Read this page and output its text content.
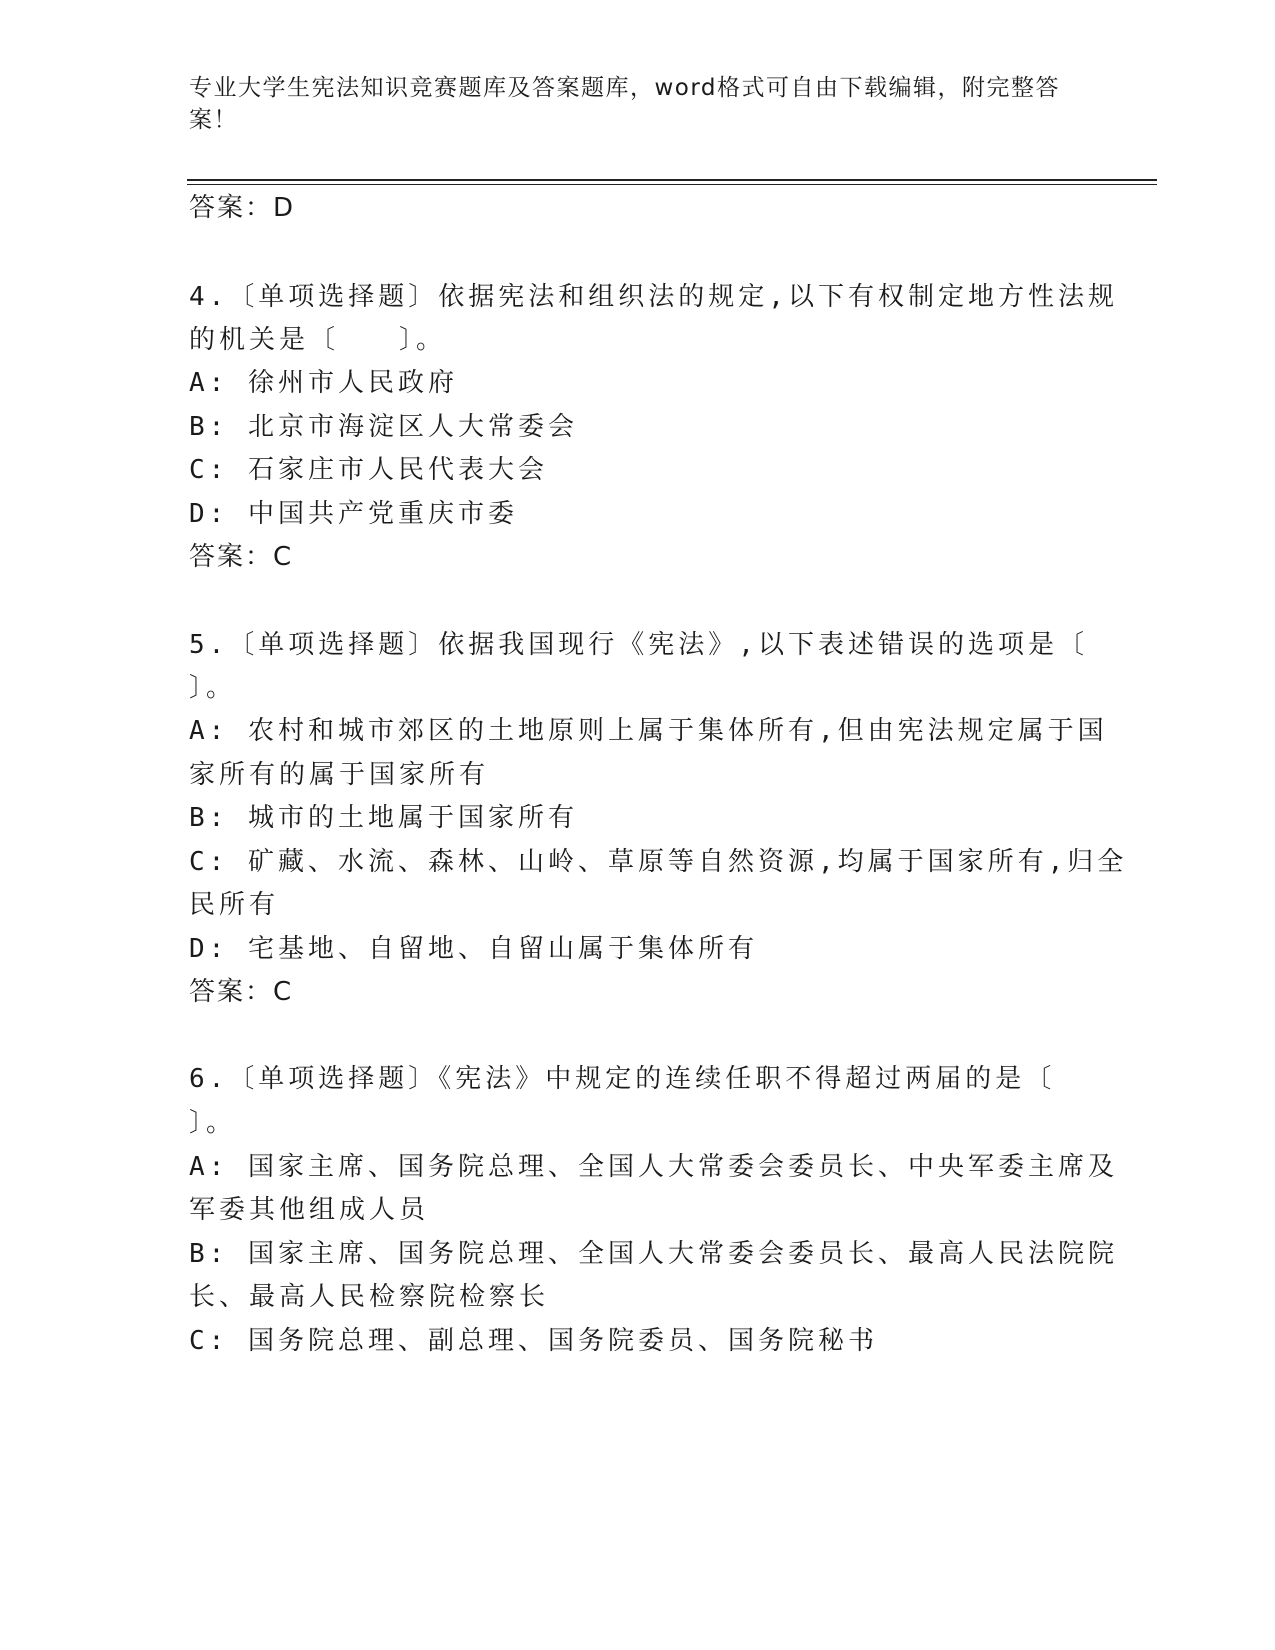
专业大学生宪法知识竞赛题库及答案题库，word格式可自由下载编辑，附完整答
案！
答案：D
4.〔单项选择题〕依据宪法和组织法的规定,以下有权制定地方性法规
的机关是〔　　〕。
A: 徐州市人民政府
B: 北京市海淀区人大常委会
C: 石家庄市人民代表大会
D: 中国共产党重庆市委
答案：C
5.〔单项选择题〕依据我国现行《宪法》,以下表述错误的选项是〔
〕。
A: 农村和城市郊区的土地原则上属于集体所有,但由宪法规定属于国
家所有的属于国家所有
B: 城市的土地属于国家所有
C: 矿藏、水流、森林、山岭、草原等自然资源,均属于国家所有,归全
民所有
D: 宅基地、自留地、自留山属于集体所有
答案：C
6.〔单项选择题〕《宪法》中规定的连续任职不得超过两届的是〔
〕。
A: 国家主席、国务院总理、全国人大常委会委员长、中央军委主席及
军委其他组成人员
B: 国家主席、国务院总理、全国人大常委会委员长、最高人民法院院
长、最高人民检察院检察长
C: 国务院总理、副总理、国务院委员、国务院秘书
